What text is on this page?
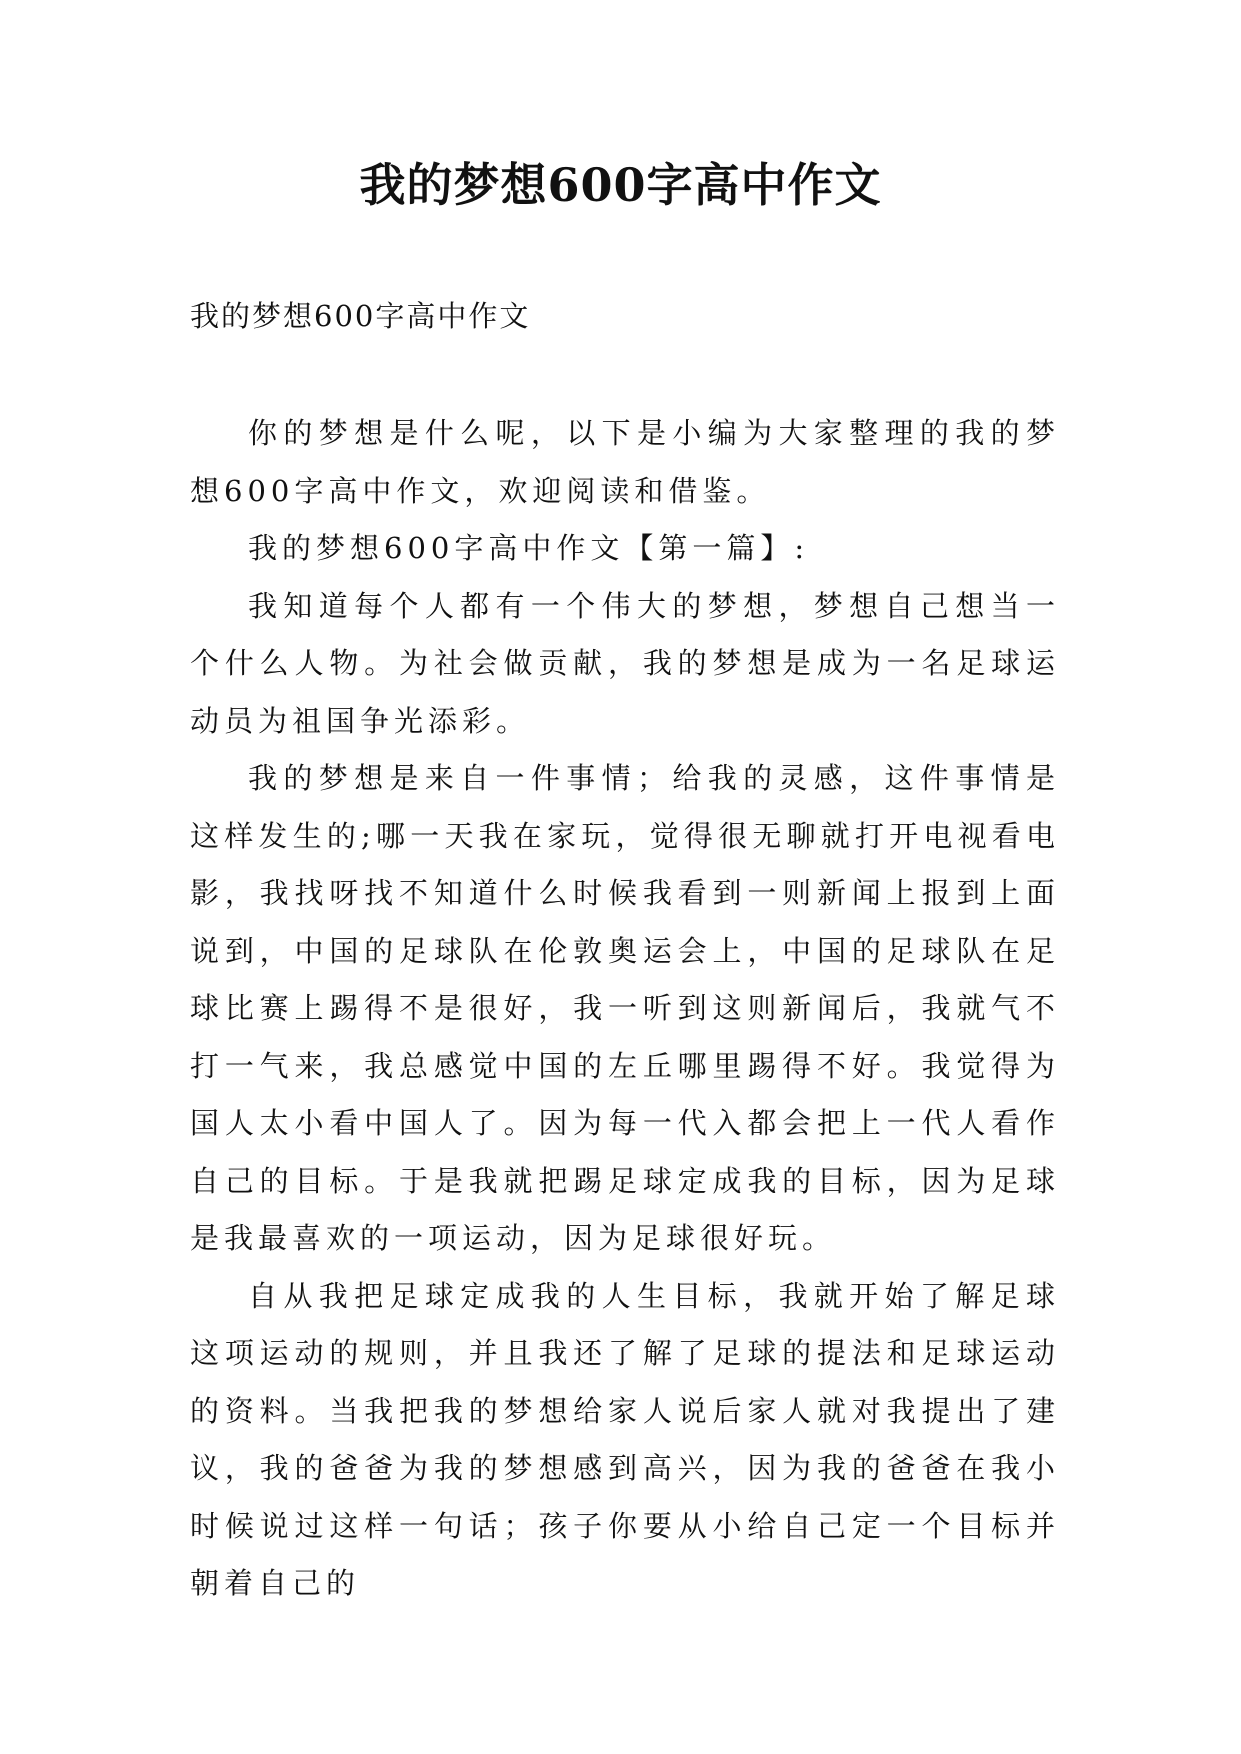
我的梦想600字高中作文

我的梦想600字高中作文

你的梦想是什么呢，以下是小编为大家整理的我的梦想600字高中作文，欢迎阅读和借鉴。

我的梦想600字高中作文【第一篇】:

我知道每个人都有一个伟大的梦想，梦想自己想当一个什么人物。为社会做贡献，我的梦想是成为一名足球运动员为祖国争光添彩。

我的梦想是来自一件事情；给我的灵感，这件事情是这样发生的;哪一天我在家玩，觉得很无聊就打开电视看电影，我找呀找不知道什么时候我看到一则新闻上报到上面说到，中国的足球队在伦敦奥运会上，中国的足球队在足球比赛上踢得不是很好，我一听到这则新闻后，我就气不打一气来，我总感觉中国的左丘哪里踢得不好。我觉得为国人太小看中国人了。因为每一代入都会把上一代人看作自己的目标。于是我就把踢足球定成我的目标，因为足球是我最喜欢的一项运动，因为足球很好玩。

自从我把足球定成我的人生目标，我就开始了解足球这项运动的规则，并且我还了解了足球的提法和足球运动的资料。当我把我的梦想给家人说后家人就对我提出了建议，我的爸爸为我的梦想感到高兴，因为我的爸爸在我小时候说过这样一句话；孩子你要从小给自己定一个目标并朝着自己的
